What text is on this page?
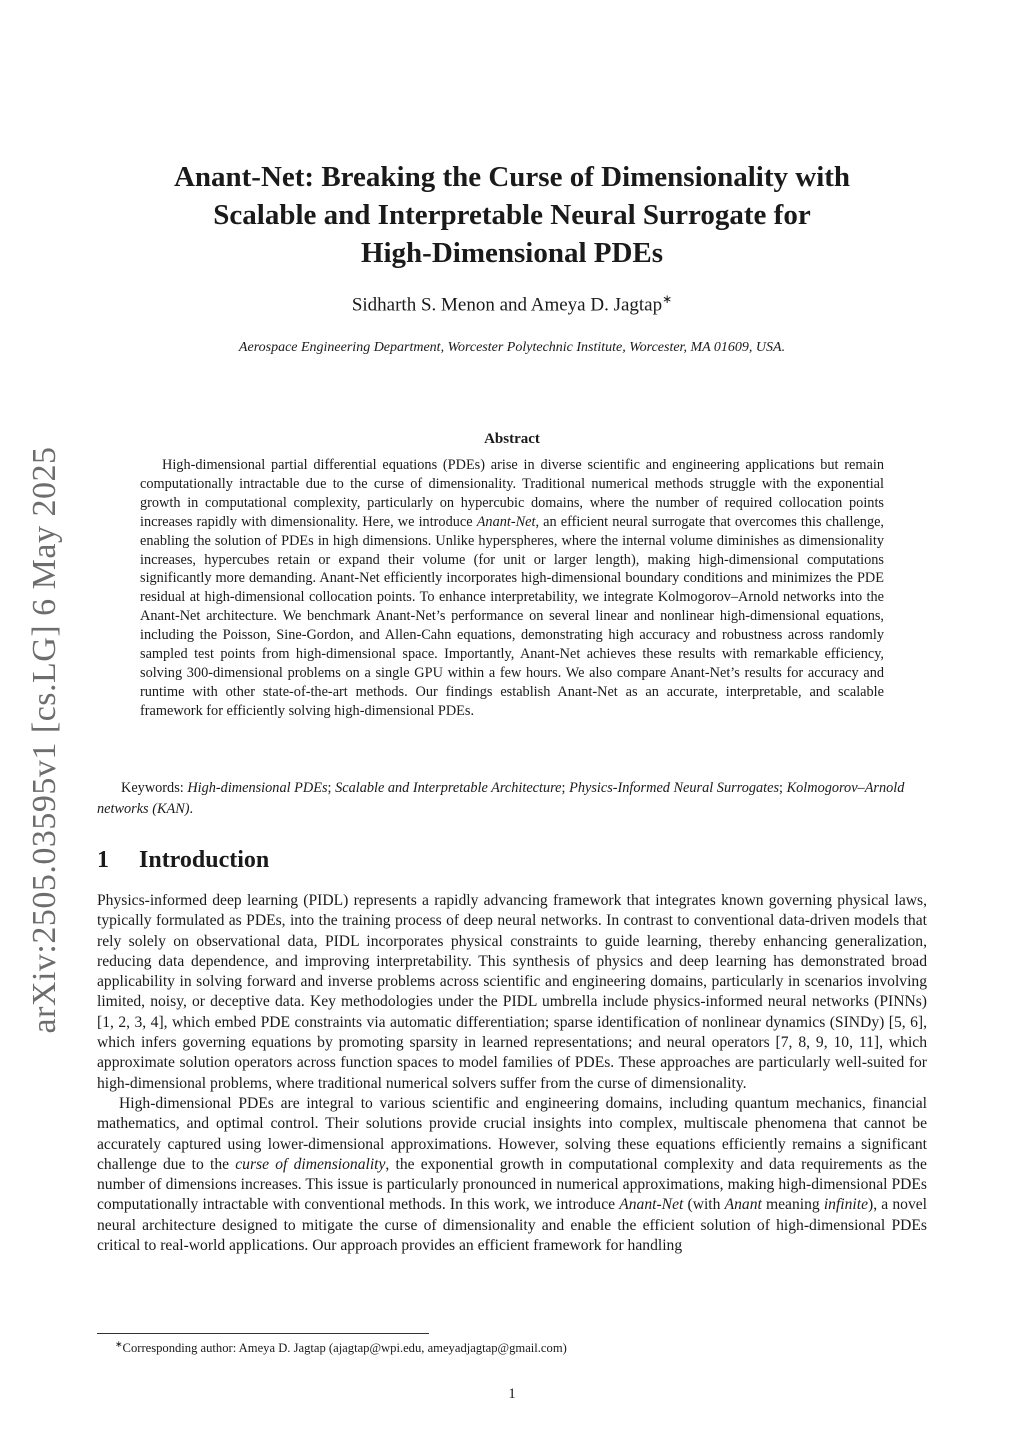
arXiv:2505.03595v1 [cs.LG] 6 May 2025
Anant-Net: Breaking the Curse of Dimensionality with
Scalable and Interpretable Neural Surrogate for
High-Dimensional PDEs
Sidharth S. Menon and Ameya D. Jagtap∗
Aerospace Engineering Department, Worcester Polytechnic Institute, Worcester, MA 01609, USA.
Abstract

High-dimensional partial differential equations (PDEs) arise in diverse scientific and engineering applications but remain computationally intractable due to the curse of dimensionality. Traditional numerical methods struggle with the exponential growth in computational complexity, particularly on hypercubic domains, where the number of required collocation points increases rapidly with dimensionality. Here, we introduce Anant-Net, an efficient neural surrogate that overcomes this challenge, enabling the solution of PDEs in high dimensions. Unlike hyperspheres, where the internal volume diminishes as dimensionality increases, hypercubes retain or expand their volume (for unit or larger length), making high-dimensional computations significantly more demanding. Anant-Net efficiently incorporates high-dimensional boundary conditions and minimizes the PDE residual at high-dimensional collocation points. To enhance interpretability, we integrate Kolmogorov–Arnold networks into the Anant-Net architecture. We benchmark Anant-Net’s performance on several linear and nonlinear high-dimensional equations, including the Poisson, Sine-Gordon, and Allen-Cahn equations, demonstrating high accuracy and robustness across randomly sampled test points from high-dimensional space. Importantly, Anant-Net achieves these results with remarkable efficiency, solving 300-dimensional problems on a single GPU within a few hours. We also compare Anant-Net’s results for accuracy and runtime with other state-of-the-art methods. Our findings establish Anant-Net as an accurate, interpretable, and scalable framework for efficiently solving high-dimensional PDEs.

Keywords: High-dimensional PDEs; Scalable and Interpretable Architecture; Physics-Informed Neural Surrogates; Kolmogorov–Arnold networks (KAN).

1 Introduction

Physics-informed deep learning (PIDL) represents a rapidly advancing framework that integrates known governing physical laws, typically formulated as PDEs, into the training process of deep neural networks. In contrast to conventional data-driven models that rely solely on observational data, PIDL incorporates physical constraints to guide learning, thereby enhancing generalization, reducing data dependence, and improving interpretability. This synthesis of physics and deep learning has demonstrated broad applicability in solving forward and inverse problems across scientific and engineering domains, particularly in scenarios involving limited, noisy, or deceptive data. Key methodologies under the PIDL umbrella include physics-informed neural networks (PINNs) [1, 2, 3, 4], which embed PDE constraints via automatic differentiation; sparse identification of nonlinear dynamics (SINDy) [5, 6], which infers governing equations by promoting sparsity in learned representations; and neural operators [7, 8, 9, 10, 11], which approximate solution operators across function spaces to model families of PDEs. These approaches are particularly well-suited for high-dimensional problems, where traditional numerical solvers suffer from the curse of dimensionality.

High-dimensional PDEs are integral to various scientific and engineering domains, including quantum mechanics, financial mathematics, and optimal control. Their solutions provide crucial insights into complex, multiscale phenomena that cannot be accurately captured using lower-dimensional approximations. However, solving these equations efficiently remains a significant challenge due to the curse of dimensionality, the exponential growth in computational complexity and data requirements as the number of dimensions increases. This issue is particularly pronounced in numerical approximations, making high-dimensional PDEs computationally intractable with conventional methods. In this work, we introduce Anant-Net (with Anant meaning infinite), a novel neural architecture designed to mitigate the curse of dimensionality and enable the efficient solution of high-dimensional PDEs critical to real-world applications. Our approach provides an efficient framework for handling

∗Corresponding author: Ameya D. Jagtap (ajagtap@wpi.edu, ameyadjagtap@gmail.com)

1
